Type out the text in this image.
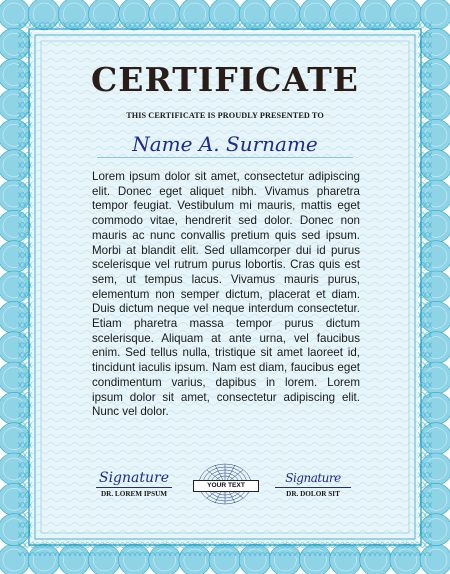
CERTIFICATE
THIS CERTIFICATE IS PROUDLY PRESENTED TO
Name A. Surname
Lorem ipsum dolor sit amet, consectetur adipiscing elit. Donec eget aliquet nibh. Vivamus pharetra tempor feugiat. Vestibulum mi mauris, mattis eget commodo vitae, hendrerit sed dolor. Donec non mauris ac nunc convallis pretium quis sed ipsum. Morbi at blandit elit. Sed ullamcorper dui id purus scelerisque vel rutrum purus lobortis. Cras quis est sem, ut tempus lacus. Vivamus mauris purus, elementum non semper dictum, placerat et diam. Duis dictum neque vel neque interdum consectetur. Etiam pharetra massa tempor purus dictum scelerisque. Aliquam at ante urna, vel faucibus enim. Sed tellus nulla, tristique sit amet laoreet id, tincidunt iaculis ipsum. Nam est diam, faucibus eget condimentum varius, dapibus in lorem. Lorem ipsum dolor sit amet, consectetur adipiscing elit. Nunc vel dolor.
Signature
DR. LOREM IPSUM
YOUR TEXT
Signature
DR. DOLOR SIT
